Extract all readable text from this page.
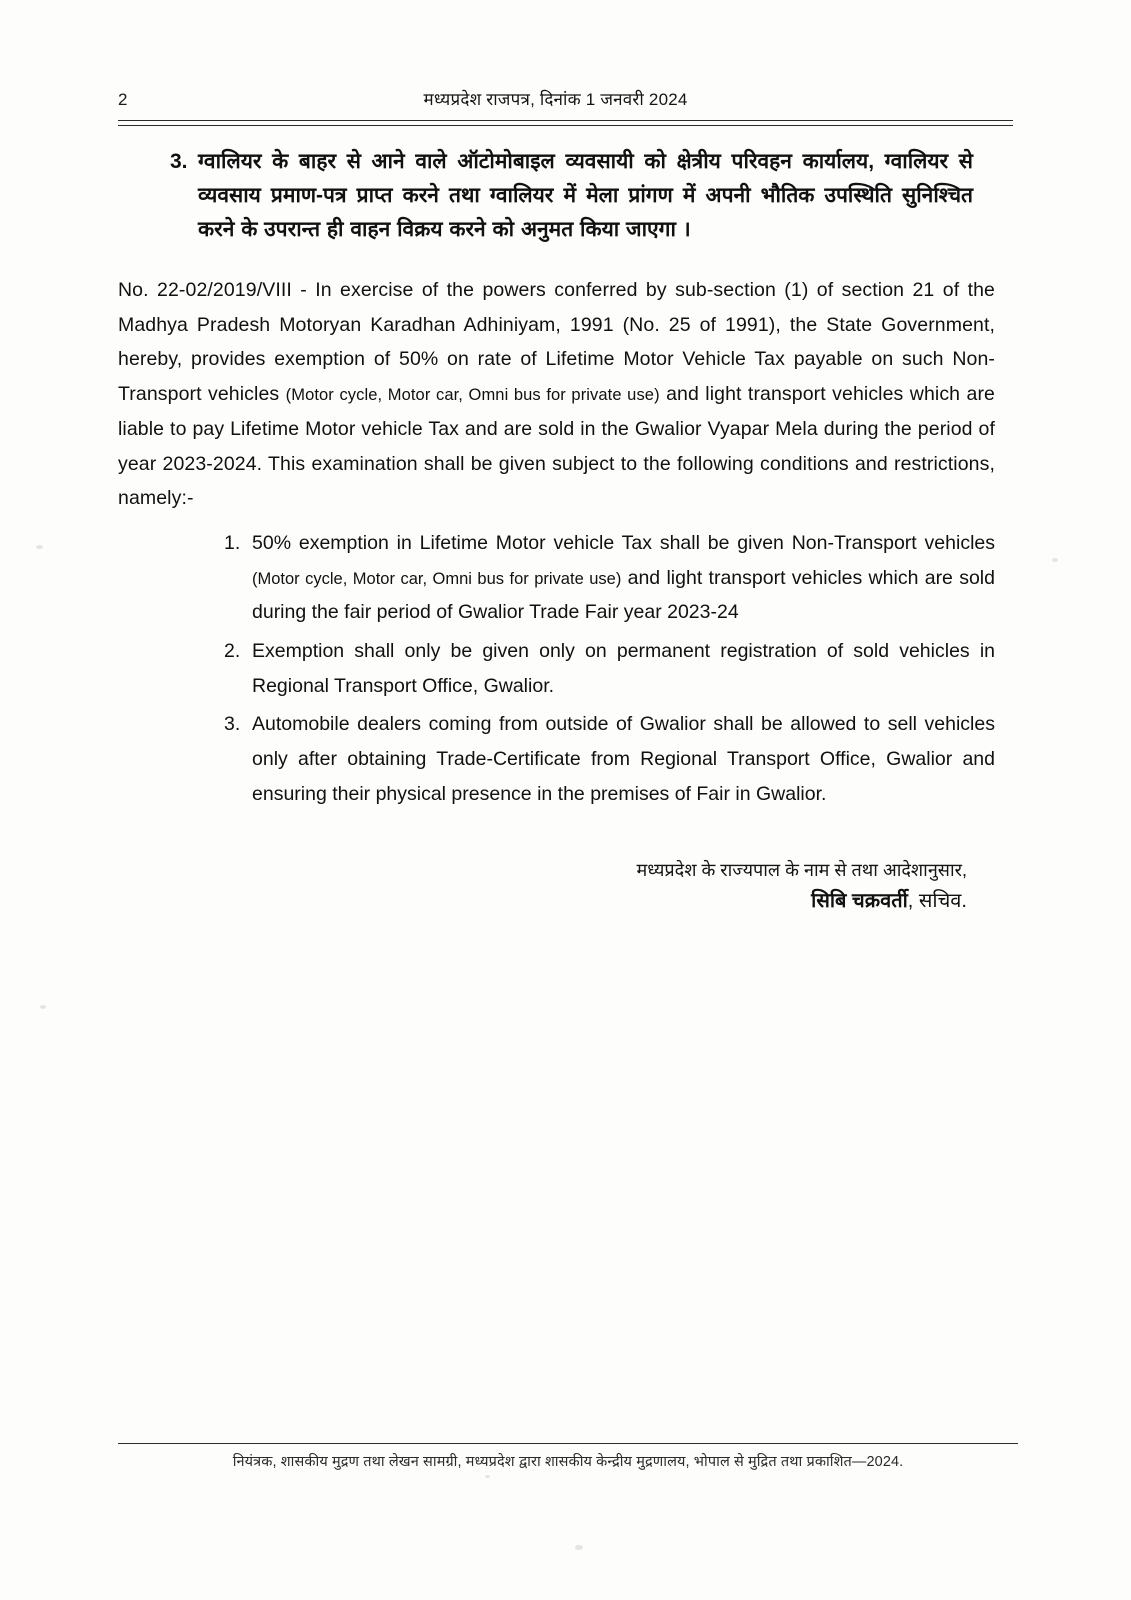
2	मध्यप्रदेश राजपत्र, दिनांक 1 जनवरी 2024
3. ग्वालियर के बाहर से आने वाले ऑटोमोबाइल व्यवसायी को क्षेत्रीय परिवहन कार्यालय, ग्वालियर से व्यवसाय प्रमाण-पत्र प्राप्त करने तथा ग्वालियर में मेला प्रांगण में अपनी भौतिक उपस्थिति सुनिश्चित करने के उपरान्त ही वाहन विक्रय करने को अनुमत किया जाएगा ।

No. 22-02/2019/VIII - In exercise of the powers conferred by sub-section (1) of section 21 of the Madhya Pradesh Motoryan Karadhan Adhiniyam, 1991 (No. 25 of 1991), the State Government, hereby, provides exemption of 50% on rate of Lifetime Motor Vehicle Tax payable on such Non-Transport vehicles (Motor cycle, Motor car, Omni bus for private use) and light transport vehicles which are liable to pay Lifetime Motor vehicle Tax and are sold in the Gwalior Vyapar Mela during the period of year 2023-2024. This examination shall be given subject to the following conditions and restrictions, namely:-

1. 50% exemption in Lifetime Motor vehicle Tax shall be given Non-Transport vehicles (Motor cycle, Motor car, Omni bus for private use) and light transport vehicles which are sold during the fair period of Gwalior Trade Fair year 2023-24
2. Exemption shall only be given only on permanent registration of sold vehicles in Regional Transport Office, Gwalior.
3. Automobile dealers coming from outside of Gwalior shall be allowed to sell vehicles only after obtaining Trade-Certificate from Regional Transport Office, Gwalior and ensuring their physical presence in the premises of Fair in Gwalior.
मध्यप्रदेश के राज्यपाल के नाम से तथा आदेशानुसार,
सिबि चक्रवर्ती, सचिव.
नियंत्रक, शासकीय मुद्रण तथा लेखन सामग्री, मध्यप्रदेश द्वारा शासकीय केन्द्रीय मुद्रणालय, भोपाल से मुद्रित तथा प्रकाशित—2024.
